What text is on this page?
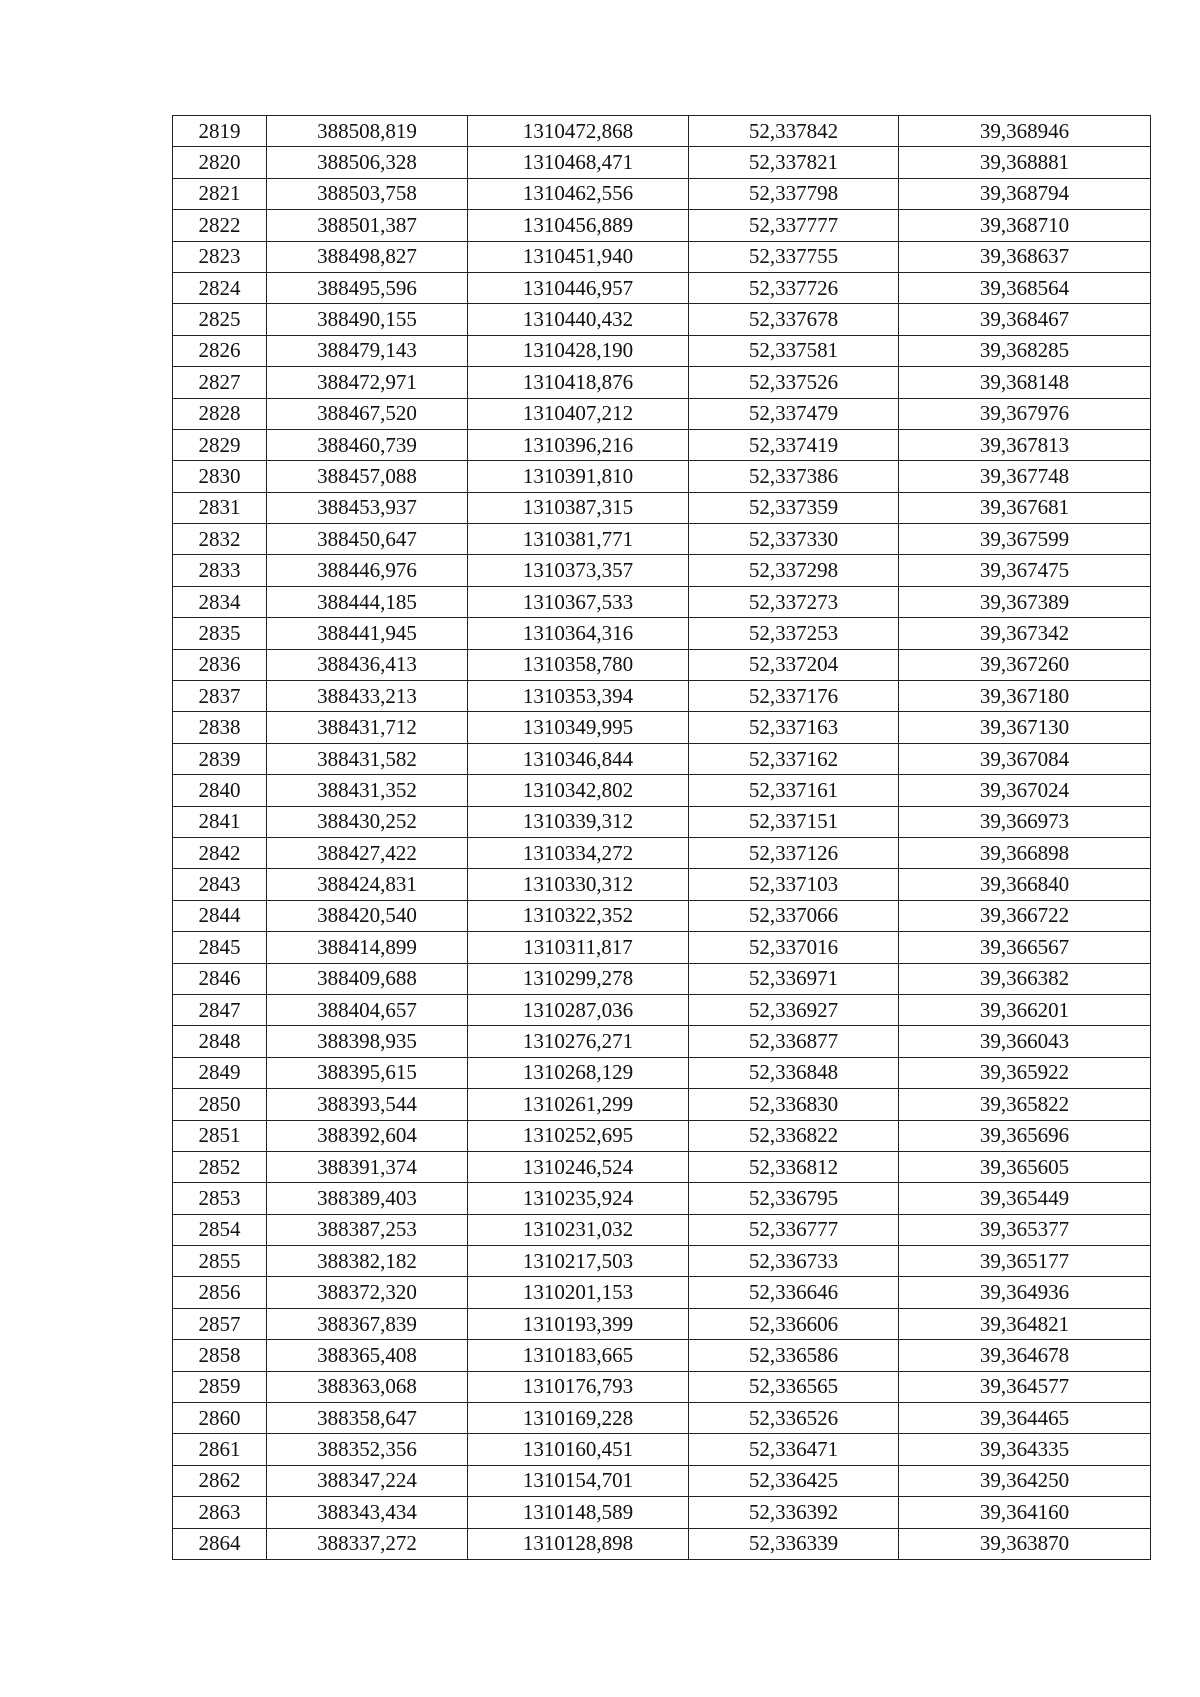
2819	388508,819	1310472,868	52,337842	39,368946
2820	388506,328	1310468,471	52,337821	39,368881
2821	388503,758	1310462,556	52,337798	39,368794
2822	388501,387	1310456,889	52,337777	39,368710
2823	388498,827	1310451,940	52,337755	39,368637
2824	388495,596	1310446,957	52,337726	39,368564
2825	388490,155	1310440,432	52,337678	39,368467
2826	388479,143	1310428,190	52,337581	39,368285
2827	388472,971	1310418,876	52,337526	39,368148
2828	388467,520	1310407,212	52,337479	39,367976
2829	388460,739	1310396,216	52,337419	39,367813
2830	388457,088	1310391,810	52,337386	39,367748
2831	388453,937	1310387,315	52,337359	39,367681
2832	388450,647	1310381,771	52,337330	39,367599
2833	388446,976	1310373,357	52,337298	39,367475
2834	388444,185	1310367,533	52,337273	39,367389
2835	388441,945	1310364,316	52,337253	39,367342
2836	388436,413	1310358,780	52,337204	39,367260
2837	388433,213	1310353,394	52,337176	39,367180
2838	388431,712	1310349,995	52,337163	39,367130
2839	388431,582	1310346,844	52,337162	39,367084
2840	388431,352	1310342,802	52,337161	39,367024
2841	388430,252	1310339,312	52,337151	39,366973
2842	388427,422	1310334,272	52,337126	39,366898
2843	388424,831	1310330,312	52,337103	39,366840
2844	388420,540	1310322,352	52,337066	39,366722
2845	388414,899	1310311,817	52,337016	39,366567
2846	388409,688	1310299,278	52,336971	39,366382
2847	388404,657	1310287,036	52,336927	39,366201
2848	388398,935	1310276,271	52,336877	39,366043
2849	388395,615	1310268,129	52,336848	39,365922
2850	388393,544	1310261,299	52,336830	39,365822
2851	388392,604	1310252,695	52,336822	39,365696
2852	388391,374	1310246,524	52,336812	39,365605
2853	388389,403	1310235,924	52,336795	39,365449
2854	388387,253	1310231,032	52,336777	39,365377
2855	388382,182	1310217,503	52,336733	39,365177
2856	388372,320	1310201,153	52,336646	39,364936
2857	388367,839	1310193,399	52,336606	39,364821
2858	388365,408	1310183,665	52,336586	39,364678
2859	388363,068	1310176,793	52,336565	39,364577
2860	388358,647	1310169,228	52,336526	39,364465
2861	388352,356	1310160,451	52,336471	39,364335
2862	388347,224	1310154,701	52,336425	39,364250
2863	388343,434	1310148,589	52,336392	39,364160
2864	388337,272	1310128,898	52,336339	39,363870
